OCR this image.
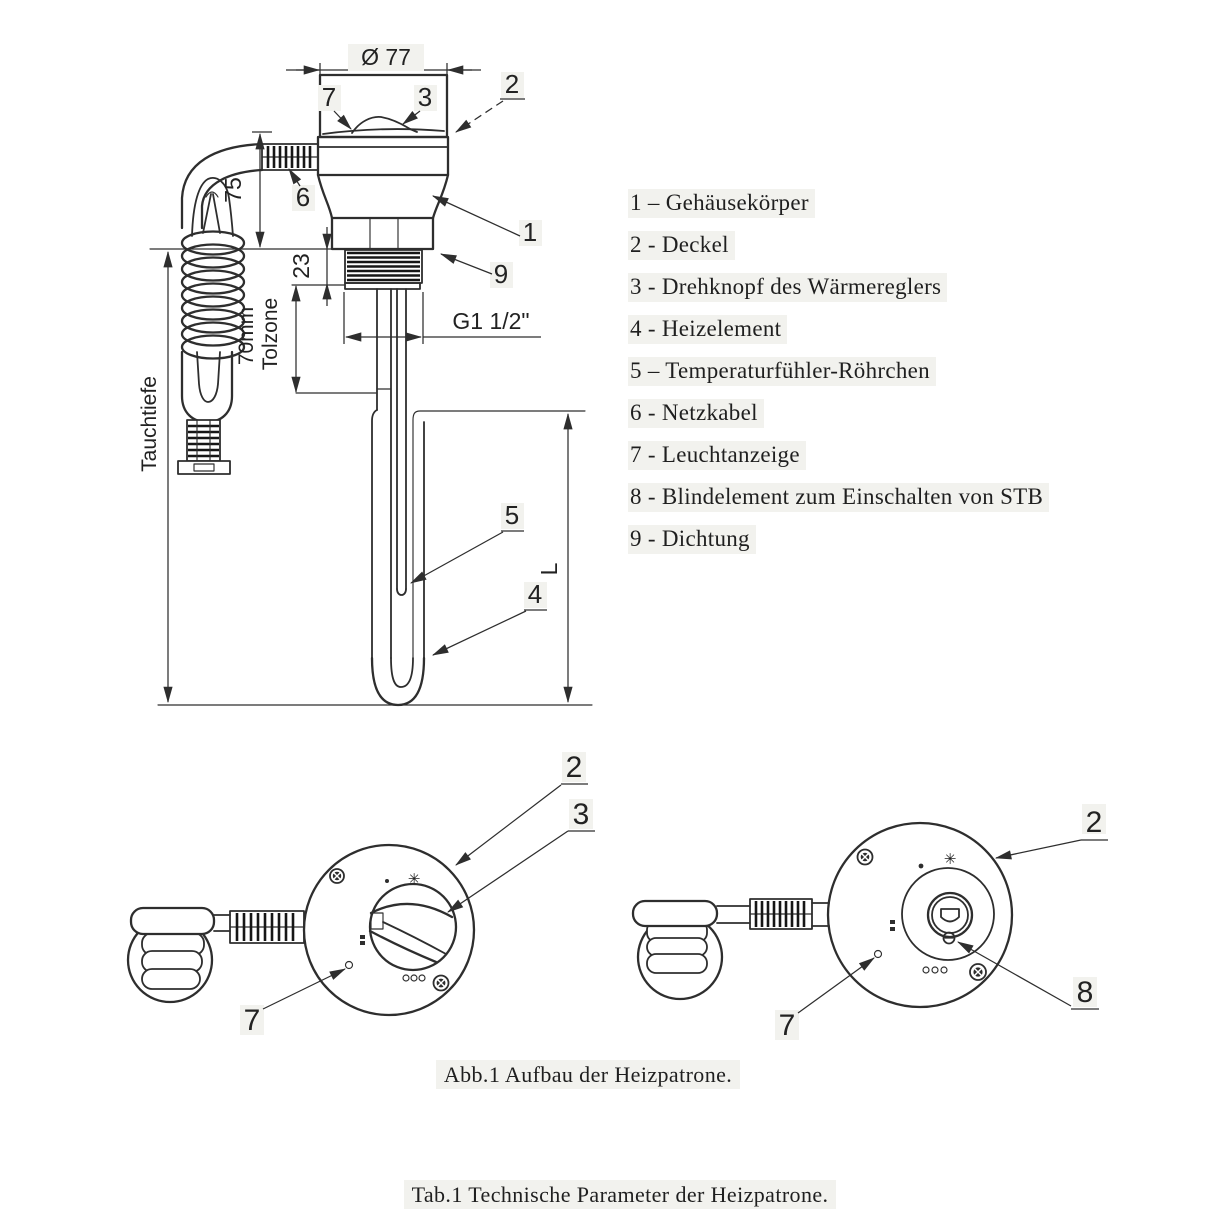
Ø 77
75
Tauchtiefe
23
70mm Tolzone	G1 1/2"
L
7	3	2
6
1
9
5
4
✳
2
3
7
✳
2
8
7
1 – Gehäusekörper
2 - Deckel
3 - Drehknopf des Wärmereglers
4 - Heizelement
5 – Temperaturfühler-Röhrchen
6 - Netzkabel
7 - Leuchtanzeige
8 - Blindelement zum Einschalten von STB
9 - Dichtung
Abb.1 Aufbau der Heizpatrone.
Tab.1 Technische Parameter der Heizpatrone.
